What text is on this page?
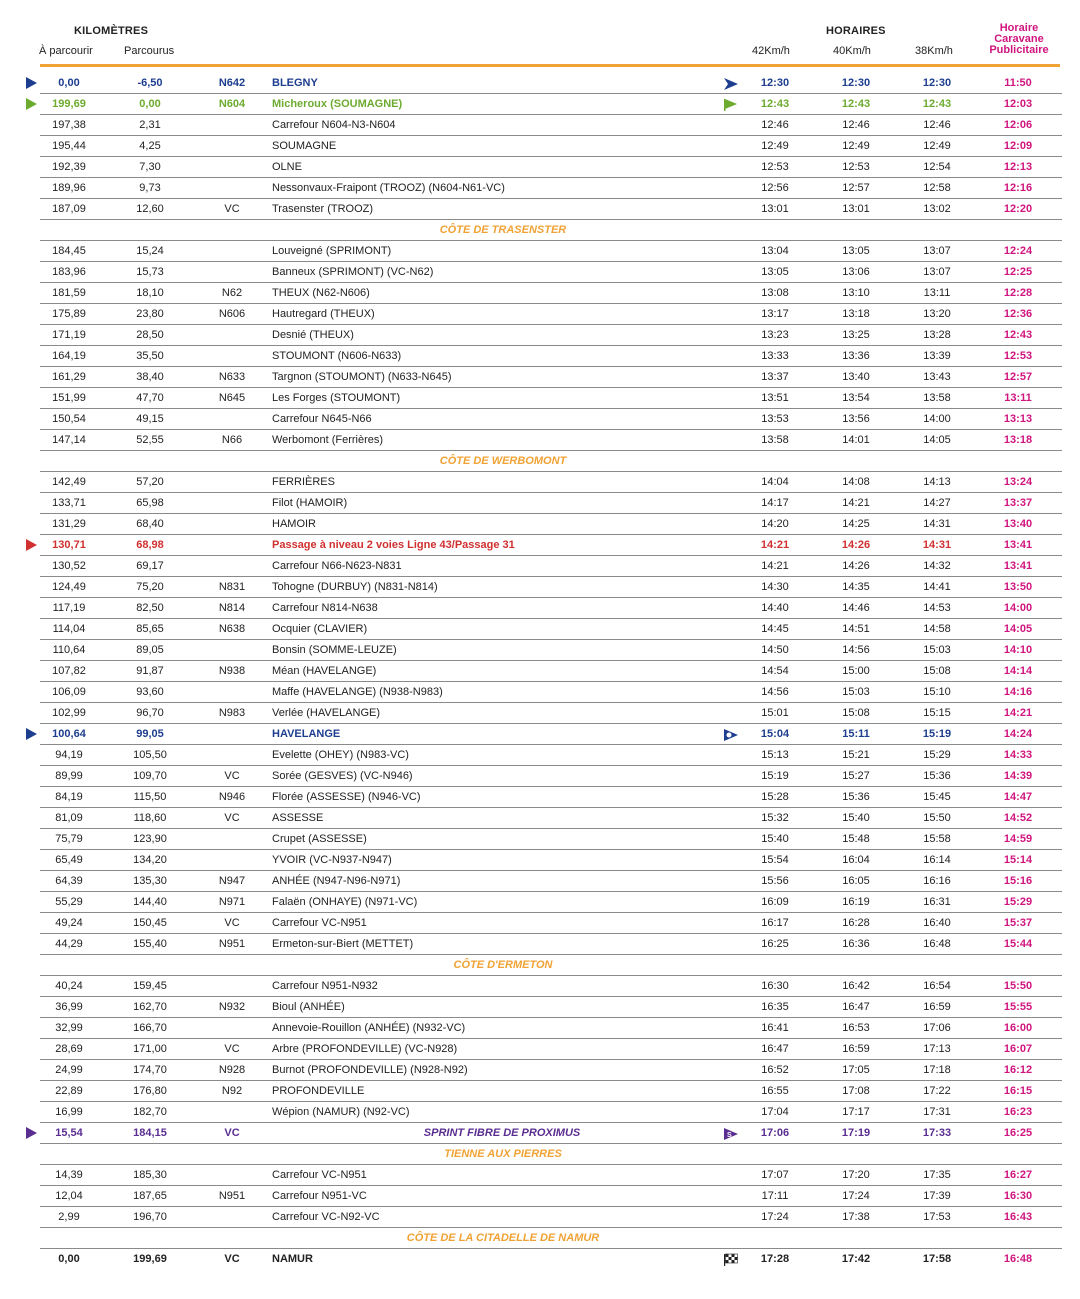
KILOMÈTRES
À parcourir	Parcourus
HORAIRES
42Km/h	40Km/h	38Km/h
Horaire
Caravane
Publicitaire
0,00	-6,50	N642	BLEGNY	12:30	12:30	12:30	11:50
199,69	0,00	N604	Micheroux (SOUMAGNE)	12:43	12:43	12:43	12:03
197,38	2,31	Carrefour N604-N3-N604	12:46	12:46	12:46	12:06
195,44	4,25	SOUMAGNE	12:49	12:49	12:49	12:09
192,39	7,30	OLNE	12:53	12:53	12:54	12:13
189,96	9,73	Nessonvaux-Fraipont (TROOZ) (N604-N61-VC)	12:56	12:57	12:58	12:16
187,09	12,60	VC	Trasenster (TROOZ)	13:01	13:01	13:02	12:20
CÔTE DE TRASENSTER
184,45	15,24	Louveigné (SPRIMONT)	13:04	13:05	13:07	12:24
183,96	15,73	Banneux (SPRIMONT) (VC-N62)	13:05	13:06	13:07	12:25
181,59	18,10	N62	THEUX (N62-N606)	13:08	13:10	13:11	12:28
175,89	23,80	N606	Hautregard (THEUX)	13:17	13:18	13:20	12:36
171,19	28,50	Desnié (THEUX)	13:23	13:25	13:28	12:43
164,19	35,50	STOUMONT (N606-N633)	13:33	13:36	13:39	12:53
161,29	38,40	N633	Targnon (STOUMONT) (N633-N645)	13:37	13:40	13:43	12:57
151,99	47,70	N645	Les Forges (STOUMONT)	13:51	13:54	13:58	13:11
150,54	49,15	Carrefour N645-N66	13:53	13:56	14:00	13:13
147,14	52,55	N66	Werbomont (Ferrières)	13:58	14:01	14:05	13:18
CÔTE DE WERBOMONT
142,49	57,20	FERRIÈRES	14:04	14:08	14:13	13:24
133,71	65,98	Filot (HAMOIR)	14:17	14:21	14:27	13:37
131,29	68,40	HAMOIR	14:20	14:25	14:31	13:40
130,71	68,98	Passage à niveau 2 voies Ligne 43/Passage 31	14:21	14:26	14:31	13:41
130,52	69,17	Carrefour N66-N623-N831	14:21	14:26	14:32	13:41
124,49	75,20	N831	Tohogne (DURBUY) (N831-N814)	14:30	14:35	14:41	13:50
117,19	82,50	N814	Carrefour N814-N638	14:40	14:46	14:53	14:00
114,04	85,65	N638	Ocquier (CLAVIER)	14:45	14:51	14:58	14:05
110,64	89,05	Bonsin (SOMME-LEUZE)	14:50	14:56	15:03	14:10
107,82	91,87	N938	Méan (HAVELANGE)	14:54	15:00	15:08	14:14
106,09	93,60	Maffe (HAVELANGE) (N938-N983)	14:56	15:03	15:10	14:16
102,99	96,70	N983	Verlée (HAVELANGE)	15:01	15:08	15:15	14:21
100,64	99,05	HAVELANGE	15:04	15:11	15:19	14:24
94,19	105,50	Evelette (OHEY) (N983-VC)	15:13	15:21	15:29	14:33
89,99	109,70	VC	Sorée (GESVES) (VC-N946)	15:19	15:27	15:36	14:39
84,19	115,50	N946	Florée (ASSESSE) (N946-VC)	15:28	15:36	15:45	14:47
81,09	118,60	VC	ASSESSE	15:32	15:40	15:50	14:52
75,79	123,90	Crupet (ASSESSE)	15:40	15:48	15:58	14:59
65,49	134,20	YVOIR (VC-N937-N947)	15:54	16:04	16:14	15:14
64,39	135,30	N947	ANHÉE (N947-N96-N971)	15:56	16:05	16:16	15:16
55,29	144,40	N971	Falaën (ONHAYE) (N971-VC)	16:09	16:19	16:31	15:29
49,24	150,45	VC	Carrefour VC-N951	16:17	16:28	16:40	15:37
44,29	155,40	N951	Ermeton-sur-Biert (METTET)	16:25	16:36	16:48	15:44
CÔTE D'ERMETON
40,24	159,45	Carrefour N951-N932	16:30	16:42	16:54	15:50
36,99	162,70	N932	Bioul (ANHÉE)	16:35	16:47	16:59	15:55
32,99	166,70	Annevoie-Rouillon (ANHÉE) (N932-VC)	16:41	16:53	17:06	16:00
28,69	171,00	VC	Arbre (PROFONDEVILLE) (VC-N928)	16:47	16:59	17:13	16:07
24,99	174,70	N928	Burnot (PROFONDEVILLE) (N928-N92)	16:52	17:05	17:18	16:12
22,89	176,80	N92	PROFONDEVILLE	16:55	17:08	17:22	16:15
16,99	182,70	Wépion (NAMUR) (N92-VC)	17:04	17:17	17:31	16:23
15,54	184,15	VC	SPRINT FIBRE DE PROXIMUS	S	17:06	17:19	17:33	16:25
TIENNE AUX PIERRES
14,39	185,30	Carrefour VC-N951	17:07	17:20	17:35	16:27
12,04	187,65	N951	Carrefour N951-VC	17:11	17:24	17:39	16:30
2,99	196,70	Carrefour VC-N92-VC	17:24	17:38	17:53	16:43
CÔTE DE LA CITADELLE DE NAMUR
0,00	199,69	VC	NAMUR	17:28	17:42	17:58	16:48
